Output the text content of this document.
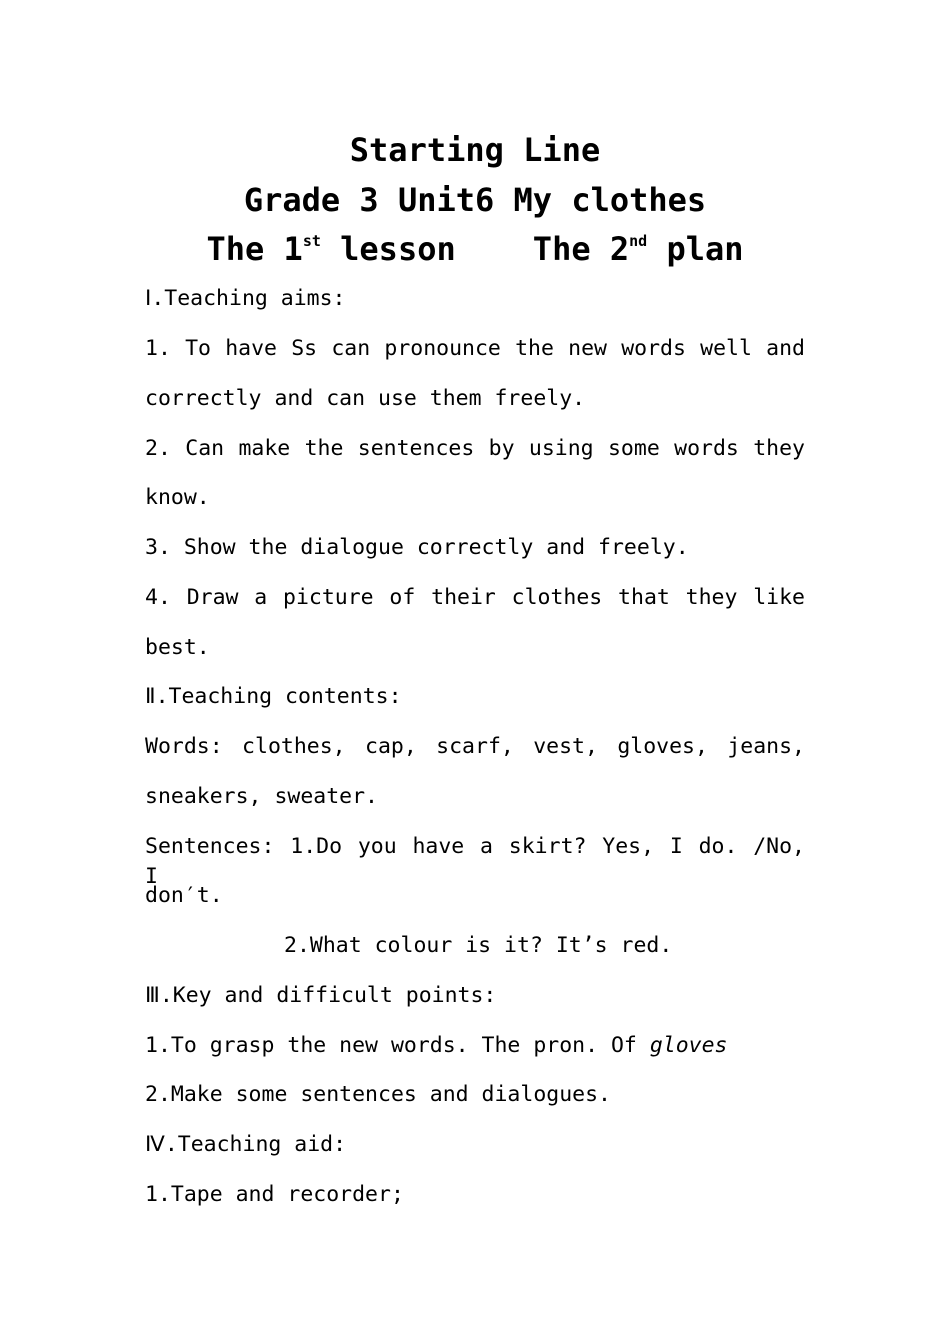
Starting Line
Grade 3 Unit6 My clothes
The 1st lesson    The 2nd plan
Ⅰ.Teaching aims:
1. To have Ss can pronounce the new words well and
correctly and can use them freely.
2. Can make the sentences by using some words they
know.
3. Show the dialogue correctly and freely.
4. Draw a picture of their clothes that they like
best.
Ⅱ.Teaching contents:
Words: clothes, cap, scarf, vest, gloves, jeans,
sneakers, sweater.
Sentences: 1.Do you have a skirt? Yes, I do. /No, I
don′t.
2.What colour is it? It’s red.
Ⅲ.Key and difficult points:
1.To grasp the new words. The pron. Of gloves
2.Make some sentences and dialogues.
Ⅳ.Teaching aid:
1.Tape and recorder;
